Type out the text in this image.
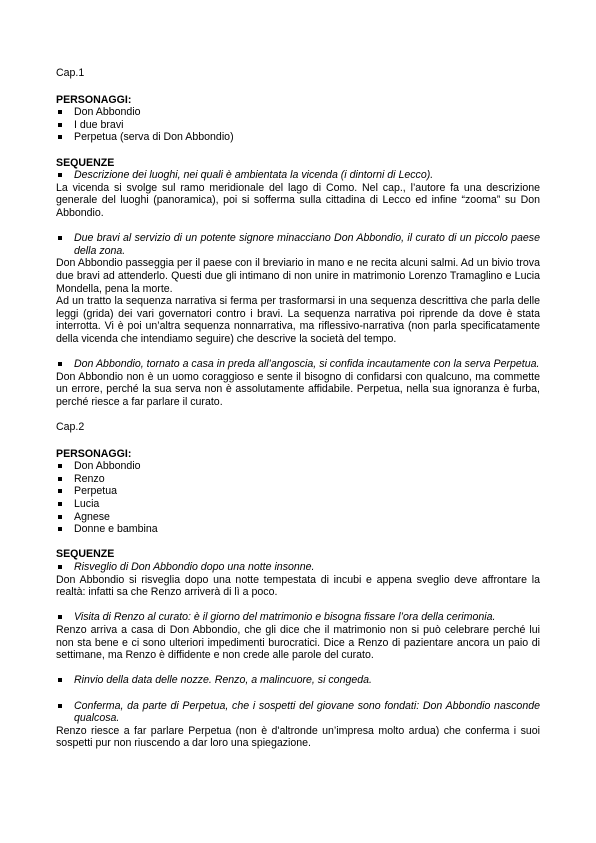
Cap.1

PERSONAGGI:

Don Abbondio
I due bravi
Perpetua (serva di Don Abbondio)

SEQUENZE

Descrizione dei luoghi, nei quali è ambientata la vicenda (i dintorni di Lecco).

La vicenda si svolge sul ramo meridionale del lago di Como. Nel cap., l’autore fa una descrizione generale del luoghi (panoramica), poi si sofferma sulla cittadina di Lecco ed infine “zooma” su Don Abbondio.

Due bravi al servizio di un potente signore minacciano Don Abbondio, il curato di un piccolo paese della zona.

Don Abbondio passeggia per il paese con il breviario in mano e ne recita alcuni salmi. Ad un bivio trova due bravi ad attenderlo. Questi due gli intimano di non unire in matrimonio Lorenzo Tramaglino e Lucia Mondella, pena la morte.

Ad un tratto la sequenza narrativa si ferma per trasformarsi in una sequenza descrittiva che parla delle leggi (grida) dei vari governatori contro i bravi. La sequenza narrativa poi riprende da dove è stata interrotta. Vi è poi un’altra sequenza nonnarrativa, ma riflessivo-narrativa (non parla specificatamente della vicenda che intendiamo seguire) che descrive la società del tempo.

Don Abbondio, tornato a casa in preda all’angoscia, si confida incautamente con la serva Perpetua.

Don Abbondio non è un uomo coraggioso e sente il bisogno di confidarsi con qualcuno, ma commette un errore, perché la sua serva non è assolutamente affidabile. Perpetua, nella sua ignoranza è furba, perché riesce a far parlare il curato.

Cap.2

PERSONAGGI:

Don Abbondio
Renzo
Perpetua
Lucia
Agnese
Donne e bambina

SEQUENZE

Risveglio di Don Abbondio dopo una notte insonne.

Don Abbondio si risveglia dopo una notte tempestata di incubi e appena sveglio deve affrontare la realtà: infatti sa che Renzo arriverà di lì a poco.

Visita di Renzo al curato: è il giorno del matrimonio e bisogna fissare l’ora della cerimonia.

Renzo arriva a casa di Don Abbondio, che gli dice che il matrimonio non si può celebrare perché lui non sta bene e ci sono ulteriori impedimenti burocratici. Dice a Renzo di pazientare ancora un paio di settimane, ma Renzo è diffidente e non crede alle parole del curato.

Rinvio della data delle nozze. Renzo, a malincuore, si congeda.
Conferma, da parte di Perpetua, che i sospetti del giovane sono fondati: Don Abbondio nasconde qualcosa.

Renzo riesce a far parlare Perpetua (non è d'altronde un’impresa molto ardua) che conferma i suoi sospetti pur non riuscendo a dar loro una spiegazione.
